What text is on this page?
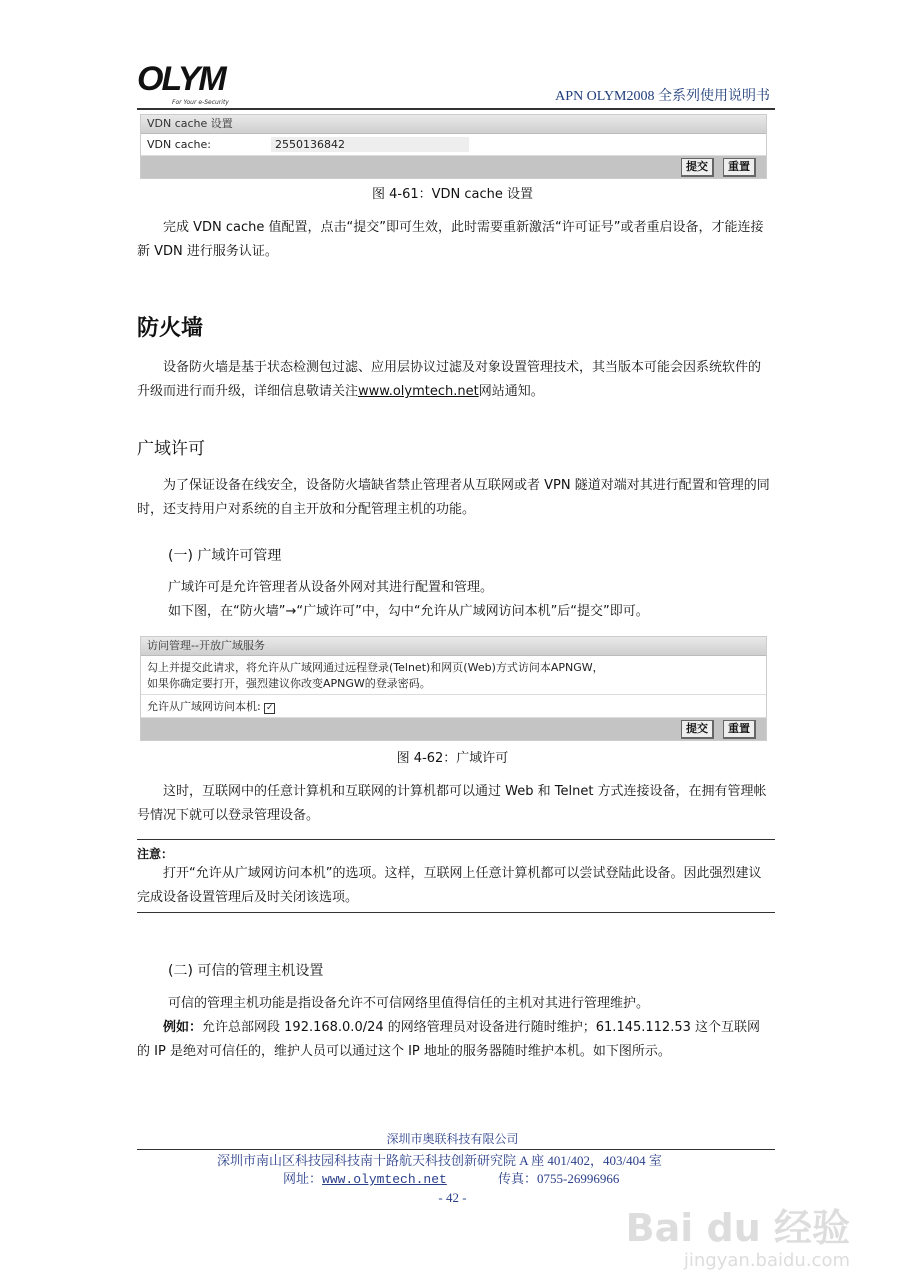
OLYM
For Your e-Security	APN OLYM2008 全系列使用说明书
VDN cache 设置
VDN cache:	2550136842
提交	重置
图 4-61：VDN cache 设置
完成 VDN cache 值配置，点击“提交”即可生效，此时需要重新激活“许可证号”或者重启设备，才能连接新 VDN 进行服务认证。
防火墙
设备防火墙是基于状态检测包过滤、应用层协议过滤及对象设置管理技术，其当版本可能会因系统软件的升级而进行而升级，详细信息敬请关注www.olymtech.net网站通知。
广域许可
为了保证设备在线安全，设备防火墙缺省禁止管理者从互联网或者 VPN 隧道对端对其进行配置和管理的同时，还支持用户对系统的自主开放和分配管理主机的功能。
(一) 广域许可管理
广域许可是允许管理者从设备外网对其进行配置和管理。
如下图，在“防火墙”→“广域许可”中，勾中“允许从广域网访问本机”后“提交”即可。
访问管理--开放广域服务
勾上并提交此请求，将允许从广域网通过远程登录(Telnet)和网页(Web)方式访问本APNGW，
如果你确定要打开，强烈建议你改变APNGW的登录密码。
允许从广域网访问本机: ✓
提交	重置
图 4-62：广域许可
这时，互联网中的任意计算机和互联网的计算机都可以通过 Web 和 Telnet 方式连接设备，在拥有管理帐号情况下就可以登录管理设备。
注意：
打开“允许从广域网访问本机”的选项。这样，互联网上任意计算机都可以尝试登陆此设备。因此强烈建议完成设备设置管理后及时关闭该选项。
(二) 可信的管理主机设置
可信的管理主机功能是指设备允许不可信网络里值得信任的主机对其进行管理维护。
例如：允许总部网段 192.168.0.0/24 的网络管理员对设备进行随时维护；61.145.112.53 这个互联网的 IP 是绝对可信任的，维护人员可以通过这个 IP 地址的服务器随时维护本机。如下图所示。
深圳市奥联科技有限公司
深圳市南山区科技园科技南十路航天科技创新研究院 A 座 401/402，403/404 室
网址：www.olymtech.net	传真：0755-26996966
- 42 -
Bai du 经验
jingyan.baidu.com
